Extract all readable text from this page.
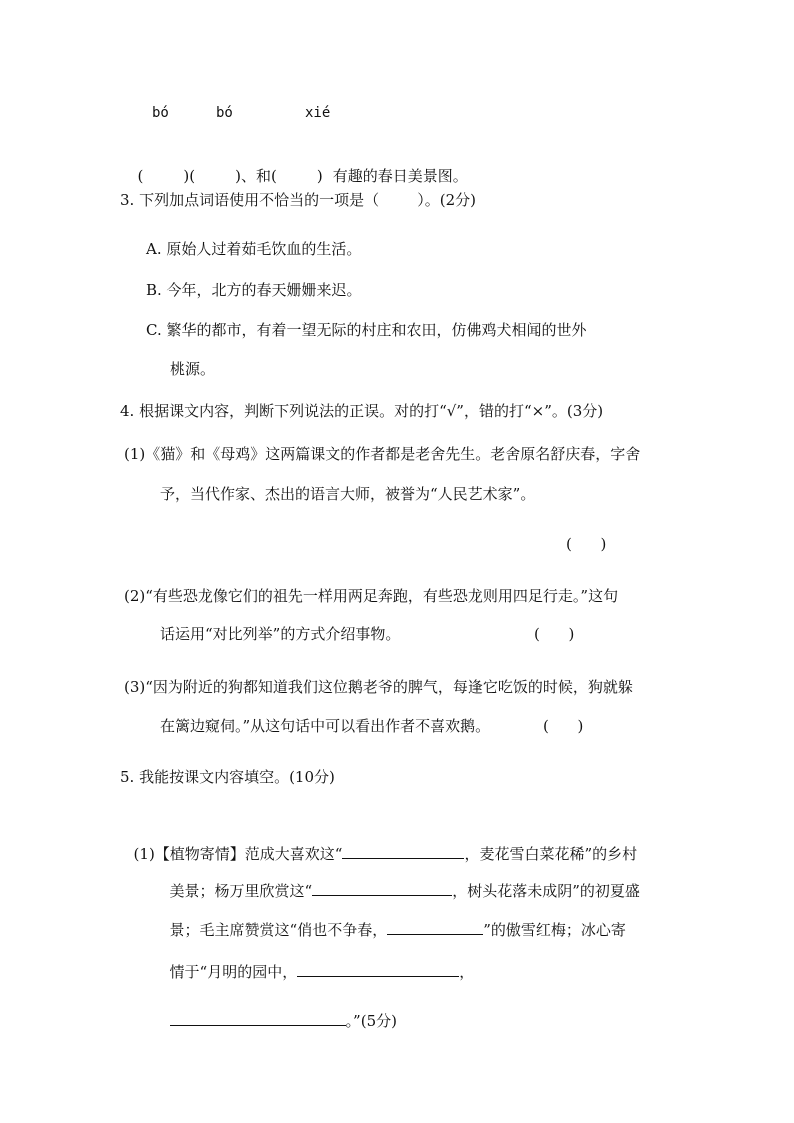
bó	bó	xié

(	)(	)、和(	) 有趣的春日美景图。

3. 下列加点词语使用不恰当的一项是（        ）。(2分)
A. 原始人过着茹毛饮血的生活。
B. 今年，北方的春天姗姗来迟。
C. 繁华的都市，有着一望无际的村庄和农田，仿佛鸡犬相闻的世外
桃源。
4. 根据课文内容，判断下列说法的正误。对的打“√”，错的打“×”。(3分)
(1)《猫》和《母鸡》这两篇课文的作者都是老舍先生。老舍原名舒庆春，字舍
予，当代作家、杰出的语言大师，被誉为“人民艺术家”。
(      )
(2)“有些恐龙像它们的祖先一样用两足奔跑，有些恐龙则用四足行走。”这句
话运用“对比列举”的方式介绍事物。	(      )
(3)“因为附近的狗都知道我们这位鹅老爷的脾气，每逢它吃饭的时候，狗就躲
在篱边窥伺。”从这句话中可以看出作者不喜欢鹅。	(      )
5. 我能按课文内容填空。(10分)

(1)【植物寄情】范成大喜欢这“	，麦花雪白菜花稀”的乡村

美景；杨万里欣赏这“	，树头花落未成阴”的初夏盛

景；毛主席赞赏这“俏也不争春，	”的傲雪红梅；冰心寄

情于“月明的园中，	，

。”(5分)
